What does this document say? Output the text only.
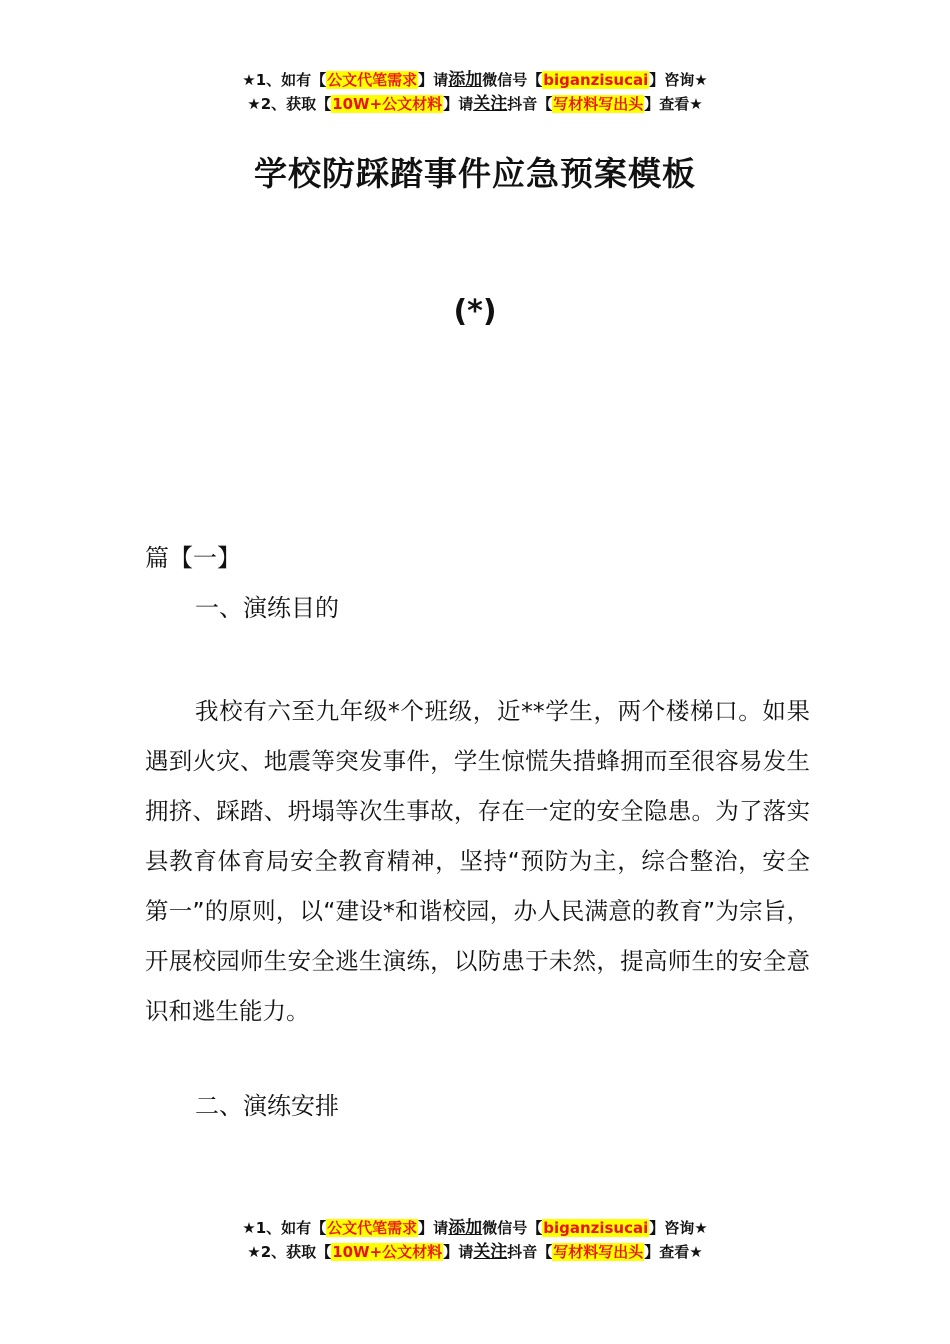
★1、如有【公文代笔需求】请添加微信号【biganzisucai】咨询★
★2、获取【10W+公文材料】请关注抖音【写材料写出头】查看★
学校防踩踏事件应急预案模板
(*)
篇【一】
一、演练目的
我校有六至九年级*个班级，近**学生，两个楼梯口。如果遇到火灾、地震等突发事件，学生惊慌失措蜂拥而至很容易发生拥挤、踩踏、坍塌等次生事故，存在一定的安全隐患。为了落实县教育体育局安全教育精神，坚持“预防为主，综合整治，安全第一”的原则，以“建设*和谐校园，办人民满意的教育”为宗旨，开展校园师生安全逃生演练，以防患于未然，提高师生的安全意识和逃生能力。
二、演练安排
★1、如有【公文代笔需求】请添加微信号【biganzisucai】咨询★
★2、获取【10W+公文材料】请关注抖音【写材料写出头】查看★
